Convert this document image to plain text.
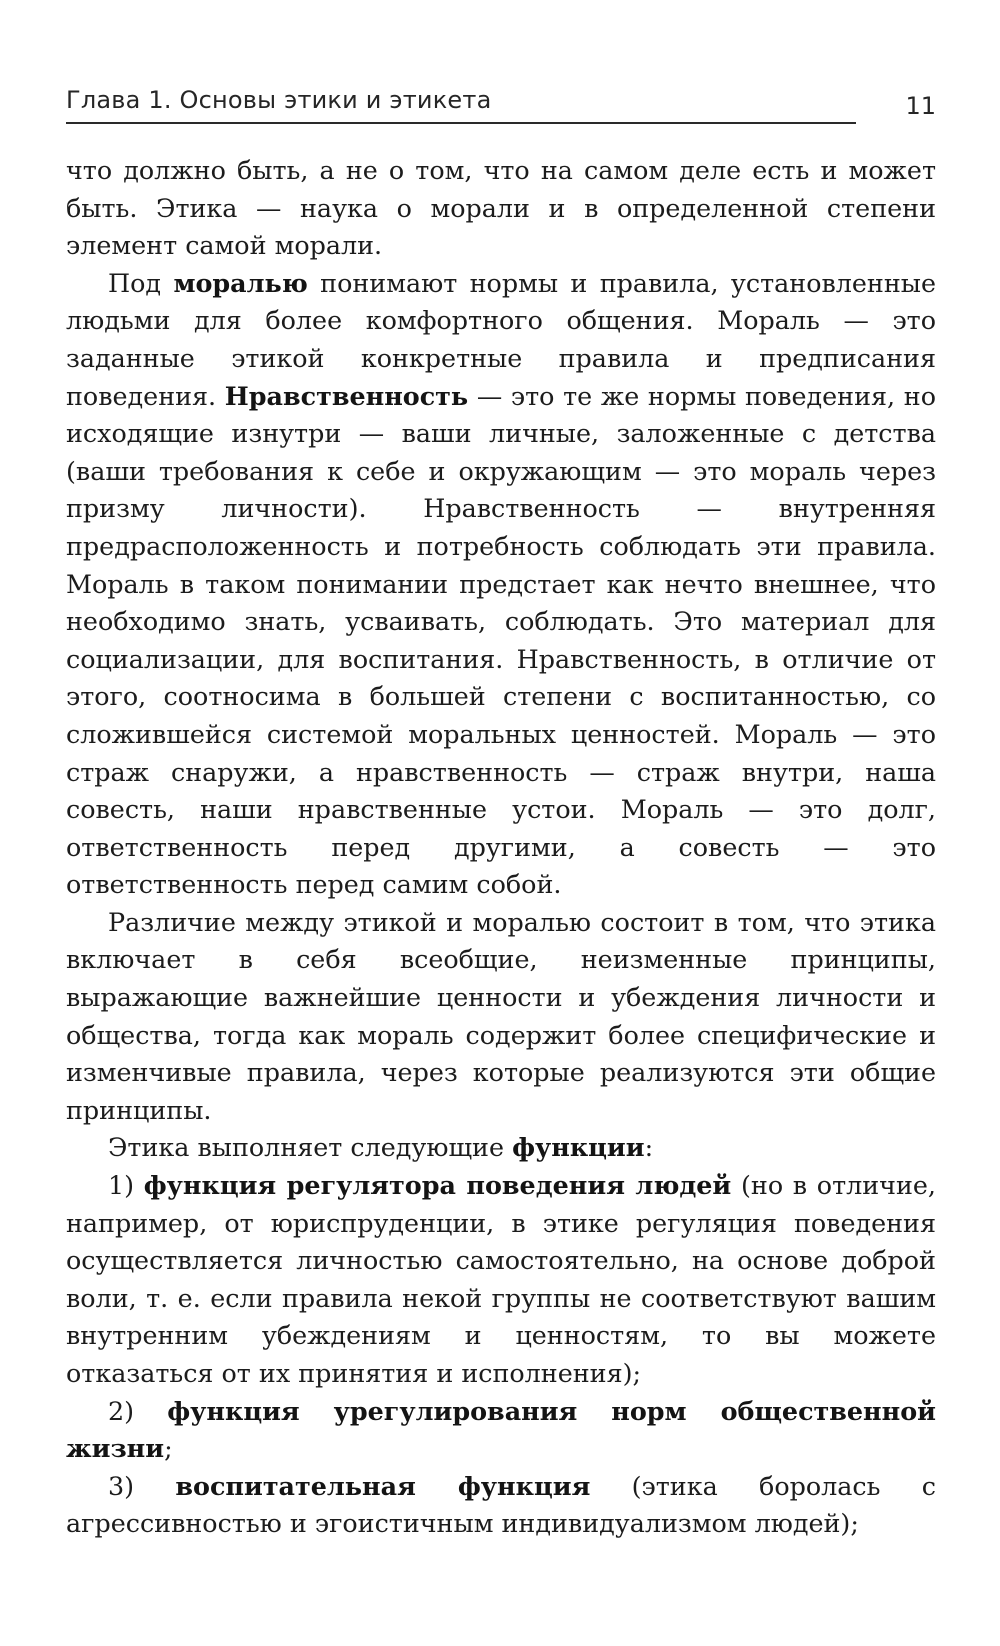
Глава 1. Основы этики и этикета	11

что должно быть, а не о том, что на самом деле есть и может быть. Этика — наука о морали и в определенной степени элемент самой морали.

Под моралью понимают нормы и правила, установленные людьми для более комфортного общения. Мораль — это заданные этикой конкретные правила и предписания поведения. Нравственность — это те же нормы поведения, но исходящие изнутри — ваши личные, заложенные с детства (ваши требования к себе и окружающим — это мораль через призму личности). Нравственность — внутренняя предрасположенность и потребность соблюдать эти правила. Мораль в таком понимании предстает как нечто внешнее, что необходимо знать, усваивать, соблюдать. Это материал для социализации, для воспитания. Нравственность, в отличие от этого, соотносима в большей степени с воспитанностью, со сложившейся системой моральных ценностей. Мораль — это страж снаружи, а нравственность — страж внутри, наша совесть, наши нравственные устои. Мораль — это долг, ответственность перед другими, а совесть — это ответственность перед самим собой.

Различие между этикой и моралью состоит в том, что этика включает в себя всеобщие, неизменные принципы, выражающие важнейшие ценности и убеждения личности и общества, тогда как мораль содержит более специфические и изменчивые правила, через которые реализуются эти общие принципы.

Этика выполняет следующие функции:

1) функция регулятора поведения людей (но в отличие, например, от юриспруденции, в этике регуляция поведения осуществляется личностью самостоятельно, на основе доброй воли, т. е. если правила некой группы не соответствуют вашим внутренним убеждениям и ценностям, то вы можете отказаться от их принятия и исполнения);

2) функция урегулирования норм общественной жизни;

3) воспитательная функция (этика боролась с агрессивностью и эгоистичным индивидуализмом людей);
